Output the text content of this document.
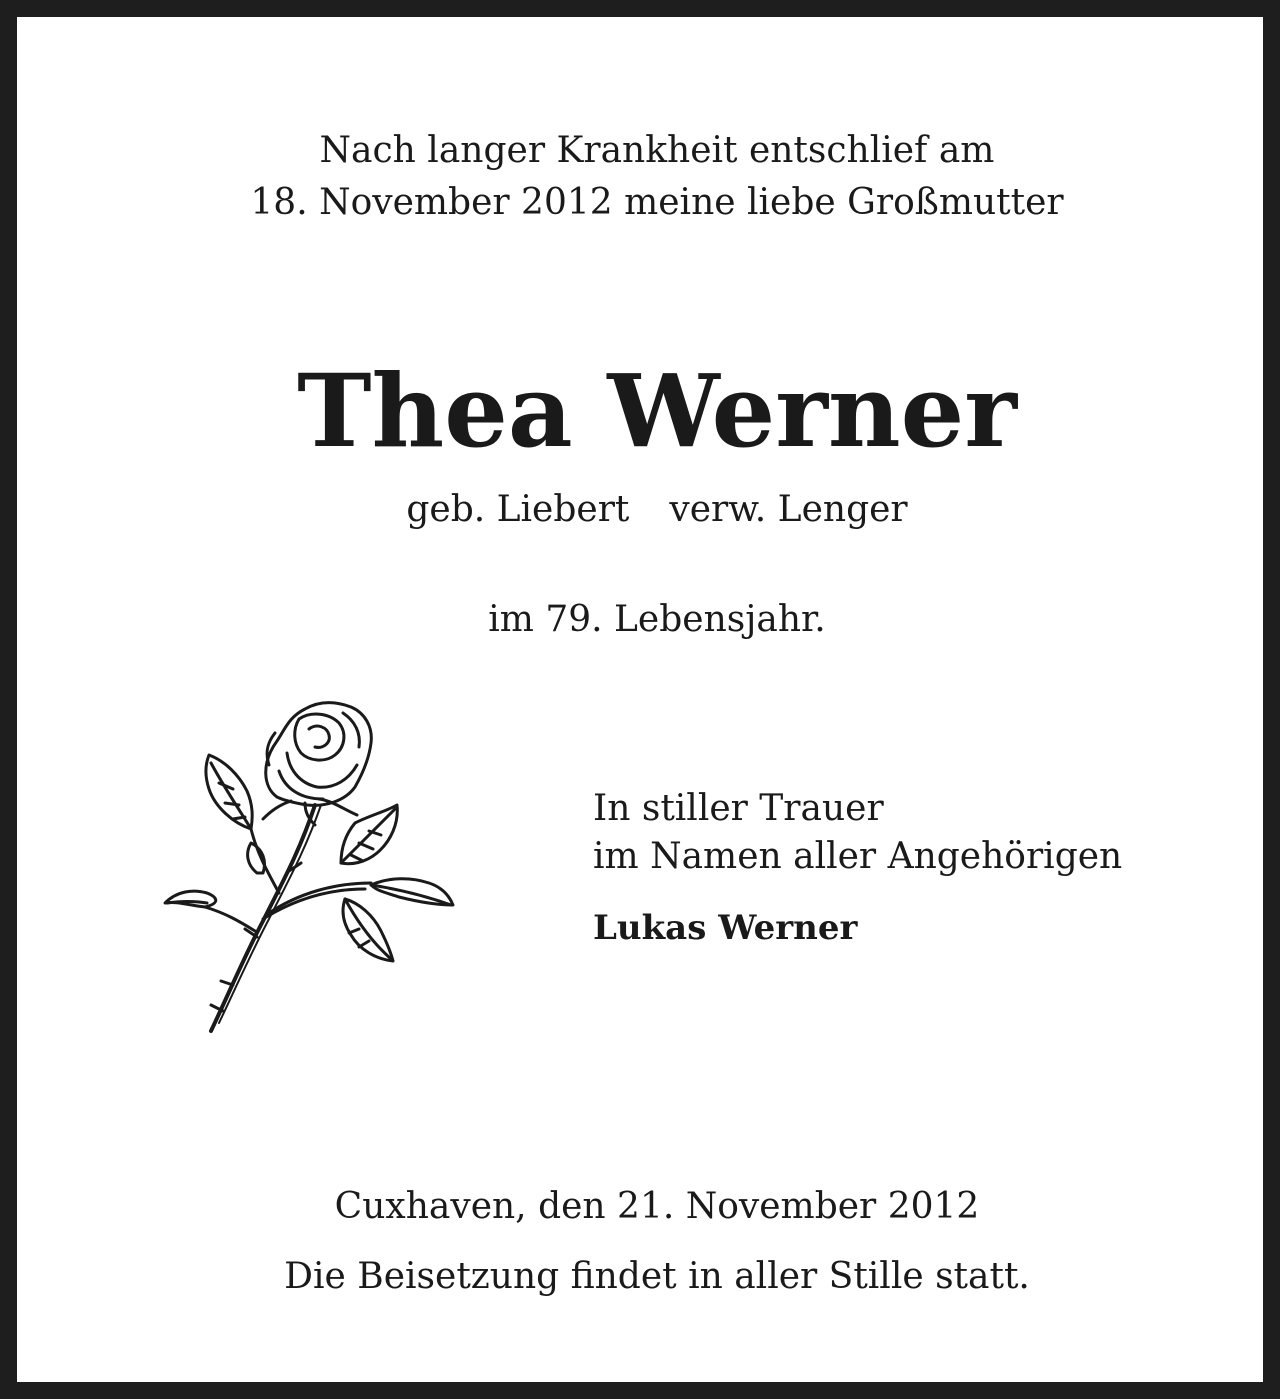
Nach langer Krankheit entschlief am
18. November 2012 meine liebe Großmutter
Thea Werner
geb. Liebert verw. Lenger
im 79. Lebensjahr.
In stiller Trauer
im Namen aller Angehörigen
Lukas Werner
Cuxhaven, den 21. November 2012
Die Beisetzung findet in aller Stille statt.
